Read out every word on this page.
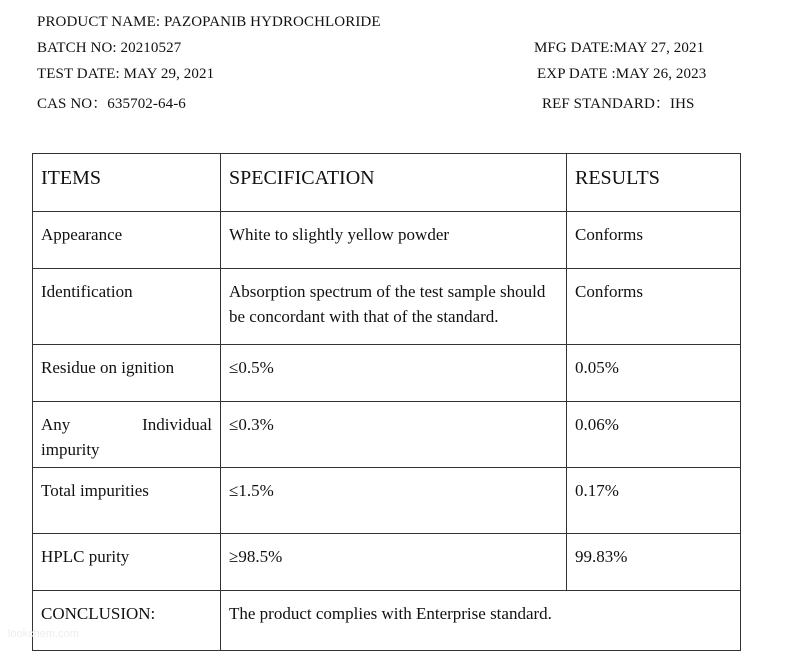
PRODUCT NAME: PAZOPANIB HYDROCHLORIDE
BATCH NO: 20210527
TEST DATE: MAY 29, 2021
CAS NO：635702-64-6
MFG DATE:MAY 27, 2021
EXP DATE :MAY 26, 2023
REF STANDARD：IHS
ITEMS	SPECIFICATION	RESULTS
Appearance	White to slightly yellow powder	Conforms
Identification	Absorption spectrum of the test sample should be concordant with that of the standard.	Conforms
Residue on ignition	≤0.5%	0.05%

Any Individual
impurity	≤0.3%	0.06%
Total impurities	≤1.5%	0.17%
HPLC purity	≥98.5%	99.83%
CONCLUSION:	The product complies with Enterprise standard.	
lookchem.com
